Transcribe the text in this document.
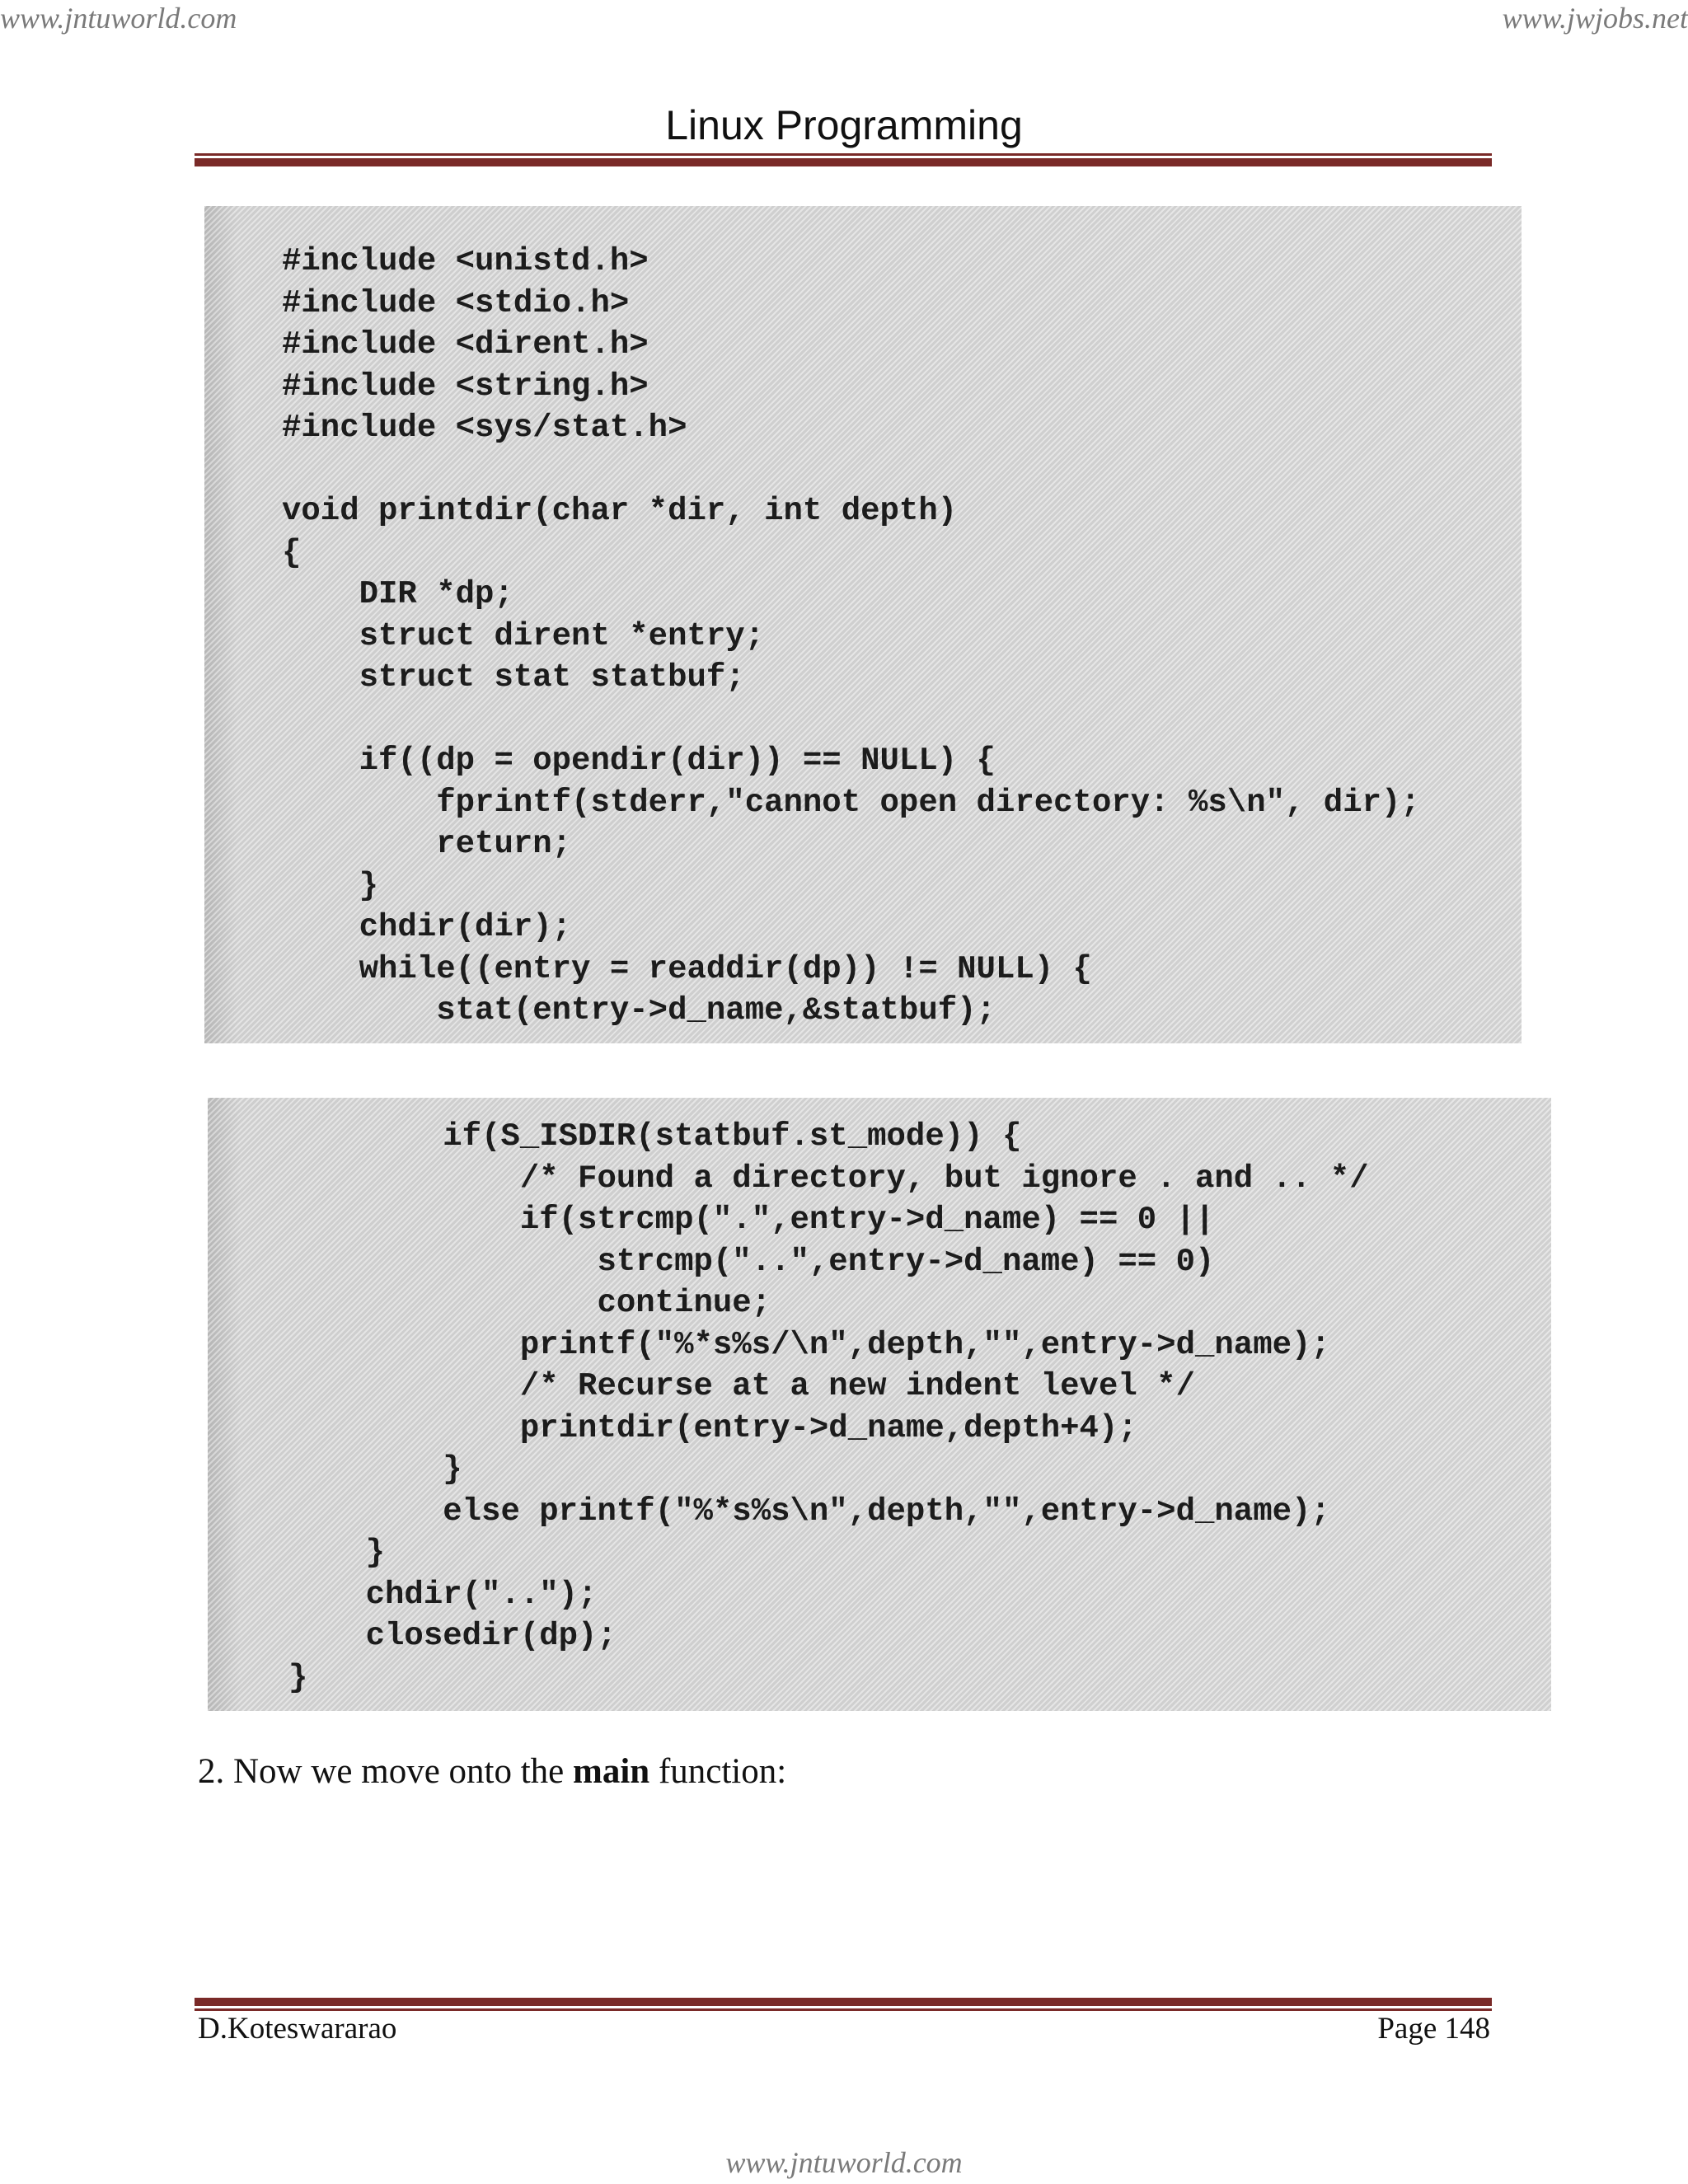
www.jntuworld.com	www.jwjobs.net
Linux Programming
#include <unistd.h>
#include <stdio.h>
#include <dirent.h>
#include <string.h>
#include <sys/stat.h>
void printdir(char *dir, int depth)
{
DIR *dp;
struct dirent *entry;
struct stat statbuf;
if((dp = opendir(dir)) == NULL) {
fprintf(stderr,"cannot open directory: %s\n", dir);
return;
}
chdir(dir);
while((entry = readdir(dp)) != NULL) {
stat(entry->d_name,&statbuf);
if(S_ISDIR(statbuf.st_mode)) {
/* Found a directory, but ignore . and .. */
if(strcmp(".",entry->d_name) == 0 ||
strcmp("..",entry->d_name) == 0)
continue;
printf("%*s%s/\n",depth,"",entry->d_name);
/* Recurse at a new indent level */
printdir(entry->d_name,depth+4);
}
else printf("%*s%s\n",depth,"",entry->d_name);
}
chdir("..");
closedir(dp);
}
2. Now we move onto the main function:
D.Koteswararao	Page 148
www.jntuworld.com
